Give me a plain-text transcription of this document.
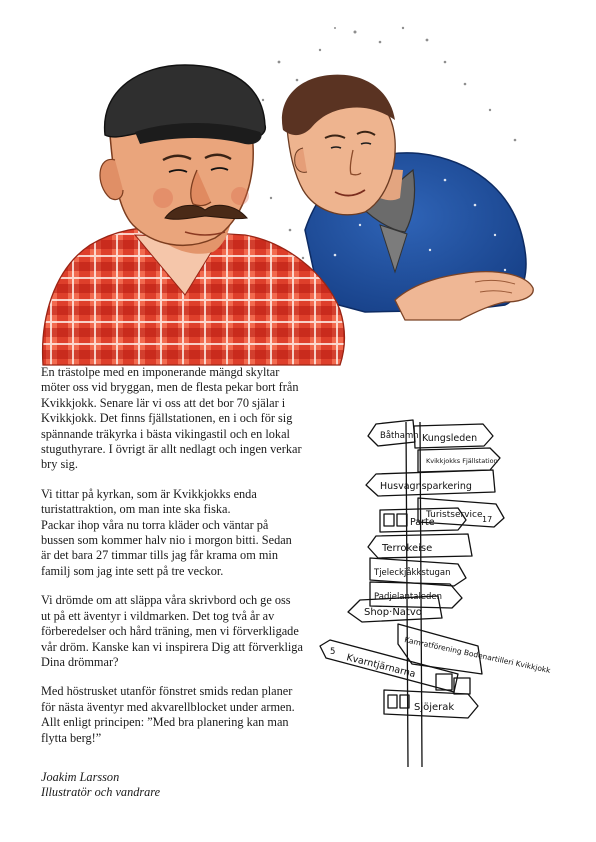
En trästolpe med en imponerande mängd skyltar möter oss vid bryggan, men de flesta pekar bort från Kvikkjokk. Senare lär vi oss att det bor 70 själar i Kvikkjokk. Det finns fjällstationen, en i och för sig spännande träkyrka i bästa vikingastil och en lokal stuguthyrare. I övrigt är allt nedlagt och ingen verkar bry sig.

Vi tittar på kyrkan, som är Kvikkjokks enda turistattraktion, om man inte ska fiska.

Packar ihop våra nu torra kläder och väntar på bussen som kommer halv nio i morgon bitti. Sedan är det bara 27 timmar tills jag får krama om min familj som jag inte sett på tre veckor.

Vi drömde om att släppa våra skrivbord och ge oss ut på ett äventyr i vildmarken. Det tog två år av förberedelser och hård träning, men vi förverkligade vår dröm. Kanske kan vi inspirera Dig att förverkliga Dina drömmar?

Med höstrusket utanför fönstret smids redan planer för nästa äventyr med akvarellblocket under armen. Allt enligt principen: ”Med bra planering kan man flytta berg!”

Joakim Larsson
Illustratör och vandrare
Båthamn Kungsleden
Kvikkjokks Fjällstation
Husvagnsparkering
Turistservice 17
Parte
Terrokeise
Tjeleckjåkkstugan
Padjelantaleden
Shop·Natvo
Kamratförening Bodenartilleri Kvikkjokk
5
Kvarntjärnarna
Sjöjerak
